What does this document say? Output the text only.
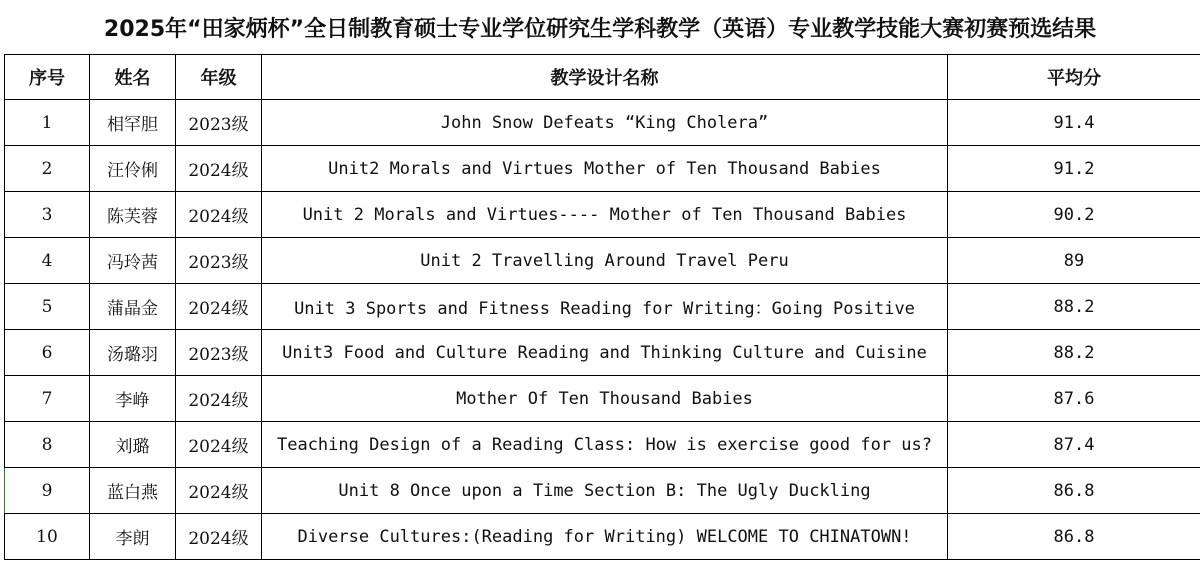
2025年“田家炳杯”全日制教育硕士专业学位研究生学科教学（英语）专业教学技能大赛初赛预选结果
序号	姓名	年级	教学设计名称	平均分
1	相罕胆	2023级	John Snow Defeats “King Cholera”	91.4
2	汪伶俐	2024级	Unit2 Morals and Virtues Mother of Ten Thousand Babies	91.2
3	陈芙蓉	2024级	Unit 2 Morals and Virtues---- Mother of Ten Thousand Babies	90.2
4	冯玲茜	2023级	Unit 2 Travelling Around Travel Peru	89
5	蒲晶金	2024级	Unit 3 Sports and Fitness Reading for Writing：Going Positive	88.2
6	汤璐羽	2023级	Unit3 Food and Culture Reading and Thinking Culture and Cuisine	88.2
7	李峥	2024级	Mother Of Ten Thousand Babies	87.6
8	刘璐	2024级	Teaching Design of a Reading Class: How is exercise good for us?	87.4
9	蓝白燕	2024级	Unit 8 Once upon a Time Section B: The Ugly Duckling	86.8
10	李朗	2024级	Diverse Cultures:(Reading for Writing) WELCOME TO CHINATOWN!	86.8
